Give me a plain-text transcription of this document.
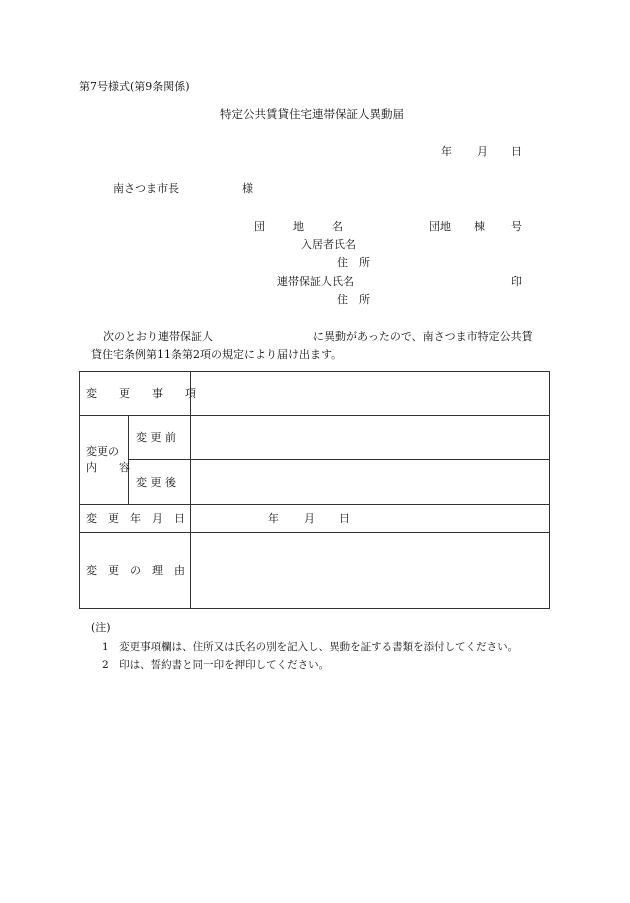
第7号様式(第9条関係)
特定公共賃貸住宅連帯保証人異動届
年 月 日
南さつま市長	様
団　　地　　名	団地 棟 号
入居者氏名
住　所
連帯保証人氏名	印
住　所
次のとおり連帯保証人	に異動があったので、南さつま市特定公共賃
貸住宅条例第11条第2項の規定により届け出ます。
変　　更　　事　　項
変更の
内　　容
変 更 前
変 更 後
変　更　年　月　日	年 月 日
変　更　の　理　由
(注)
1　変更事項欄は、住所又は氏名の別を記入し、異動を証する書類を添付してください。
2　印は、誓約書と同一印を押印してください。
